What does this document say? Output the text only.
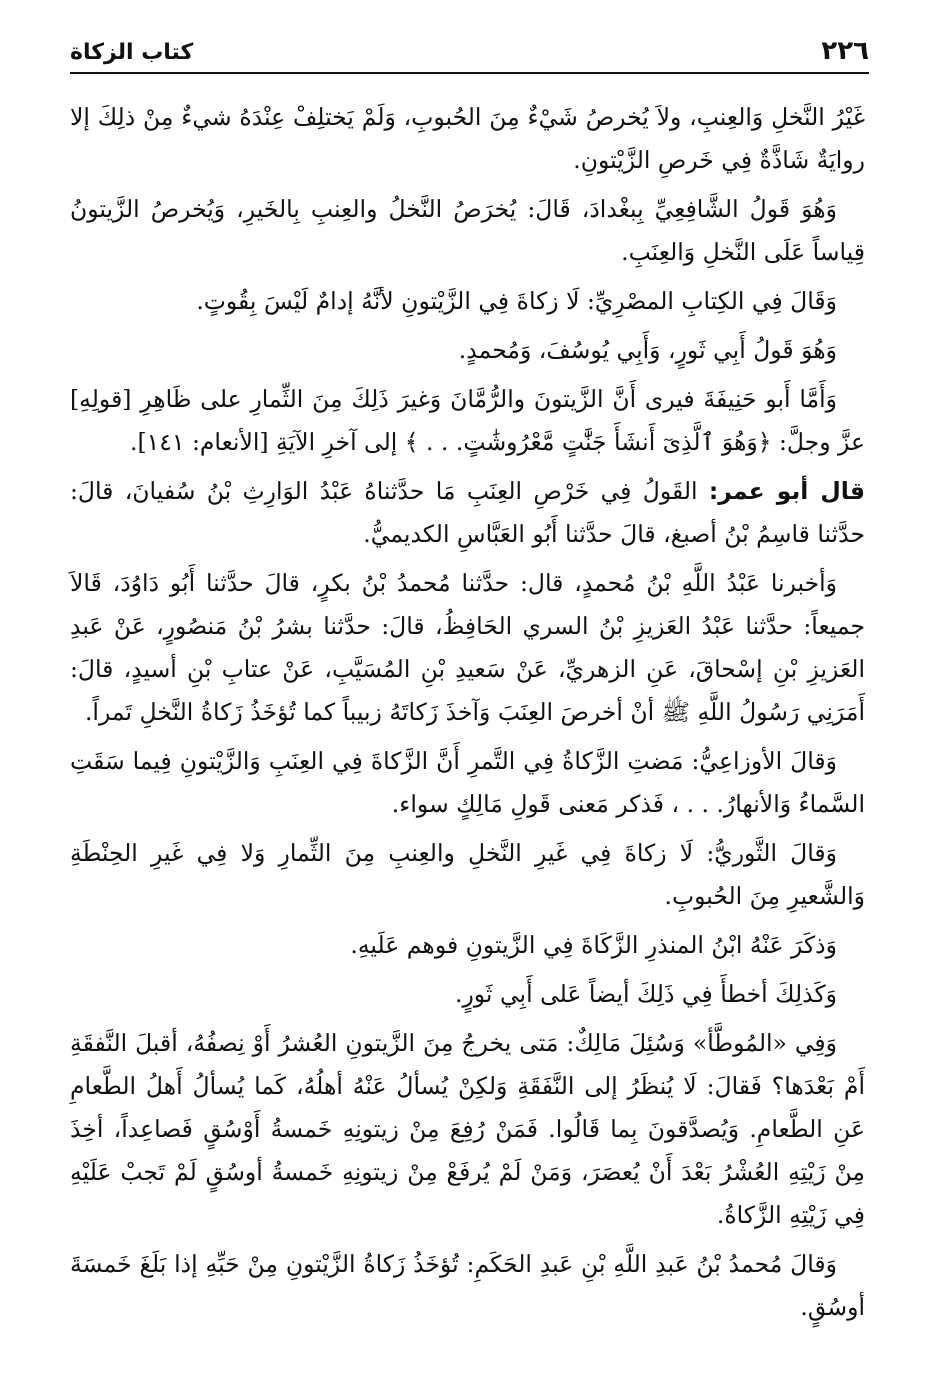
٢٢٦
كتاب الزكاة

غَيْرُ النَّخلِ وَالعِنبِ، ولاَ يُخرصُ شَيْءٌ مِنَ الحُبوبِ، وَلَمْ يَختلِفْ عِنْدَهُ شيءٌ مِنْ ذلِكَ إلا روايَةٌ شَاذَّةٌ فِي خَرصِ الزَّيْتونِ.

وَهُوَ قَولُ الشَّافِعِيِّ بِبغْدادَ، قَالَ: يُخرَصُ النَّخلُ والعِنبِ بِالخَيرِ، وَيُخرصُ الزَّيتونُ قِياساً عَلَى النَّخلِ وَالعِنَبِ.

وَقَالَ فِي الكِتابِ المصْرِيِّ: لَا زكاةَ فِي الزَّيْتونِ لأنَّهُ إدامٌ لَيْسَ بِقُوتٍ.

وَهُوَ قَولُ أَبِي ثَورٍ، وَأَبِي يُوسُفَ، وَمُحمدٍ.

وَأَمَّا أَبو حَنِيفَةَ فيرى أَنَّ الزَّيتونَ والرُّمَّانَ وَغيرَ ذَلِكَ مِنَ الثِّمارِ على ظَاهِرِ [قولِهِ] عزَّ وجلَّ: ﴿وَهُوَ ٱلَّذِىٓ أَنشَأَ جَنَّٰتٍ مَّعْرُوشَٰتٍ. . . ﴾ إلى آخرِ الآيَةِ [الأنعام: ١٤١].

قال أبو عمر: القَولُ فِي خَرْصِ العِنَبِ مَا حدَّثناهُ عَبْدُ الوَارِثِ بْنُ سُفيانَ، قالَ: حدَّثنا قاسِمُ بْنُ أصبغ، قالَ حدَّثنا أَبُو العَبَّاسِ الكديميُّ.

وَأخبرنا عَبْدُ اللَّهِ بْنُ مُحمدٍ، قال: حدَّثنا مُحمدُ بْنُ بكرٍ، قالَ حدَّثنا أَبُو دَاوُدَ، قَالاَ جميعاً: حدَّثنا عَبْدُ العَزيزِ بْنُ السري الحَافِظُ، قالَ: حدَّثنا بشرُ بْنُ مَنصُورٍ، عَنْ عَبدِ العَزيزِ بْنِ إسْحاقَ، عَنِ الزهريِّ، عَنْ سَعيدِ بْنِ المُسَيَّبِ، عَنْ عتابِ بْنِ أسيدٍ، قالَ: أَمَرَنِي رَسُولُ اللَّهِ ﷺ أنْ أخرصَ العِنَبَ وَآخذَ زَكاتَهُ زبيباً كما تُؤخَذُ زَكاةُ النَّخلِ تَمراً.

وَقالَ الأوزاعِيُّ: مَضتِ الزَّكاةُ فِي التَّمرِ أَنَّ الزَّكاةَ فِي العِنَبِ وَالزَّيْتونِ فِيما سَقَتِ السَّماءُ وَالأنهارُ. . . ، فَذكر مَعنى قَولِ مَالِكٍ سواء.

وَقالَ الثَّوريُّ: لَا زكاةَ فِي غَيرِ النَّخلِ والعِنبِ مِنَ الثِّمارِ وَلا فِي غَيرِ الحِنْطَةِ وَالشَّعيرِ مِنَ الحُبوبِ.

وَذكَرَ عَنْهُ ابْنُ المنذرِ الزَّكَاةَ فِي الزَّيتونِ فوهم عَلَيهِ.

وَكَذلِكَ أخطأَ فِي ذَلِكَ أيضاً عَلى أَبِي ثَورٍ.

وَفِي «المُوطَّأ» وَسُئِلَ مَالِكٌ: مَتى يخرجُ مِنَ الزَّيتونِ العُشرُ أَوْ نِصفُهُ، أقبلَ النَّفقَةِ أَمْ بَعْدَها؟ فَقالَ: لَا يُنظَرُ إلى النَّفَقَةِ وَلكِنْ يُسألُ عَنْهُ أهلُهُ، كَما يُسألُ أَهلُ الطَّعامِ عَنِ الطَّعامِ. وَيُصدَّقونَ بِما قَالُوا. فَمَنْ رُفِعَ مِنْ زيتونِهِ خَمسةُ أَوْسُقٍ فَصاعِداً، أخِذَ مِنْ زَيْتِهِ العُشْرُ بَعْدَ أَنْ يُعصَرَ، وَمَنْ لَمْ يُرفَعْ مِنْ زيتونِهِ خَمسةُ أوسُقٍ لَمْ تَجبْ عَلَيْهِ فِي زَيْتِهِ الزَّكاةُ.

وَقالَ مُحمدُ بْنُ عَبدِ اللَّهِ بْنِ عَبدِ الحَكَمِ: تُؤخَذُ زَكاةُ الزَّيْتونِ مِنْ حَبِّهِ إذا بَلَغَ خَمسَةَ أوسُقٍ.
